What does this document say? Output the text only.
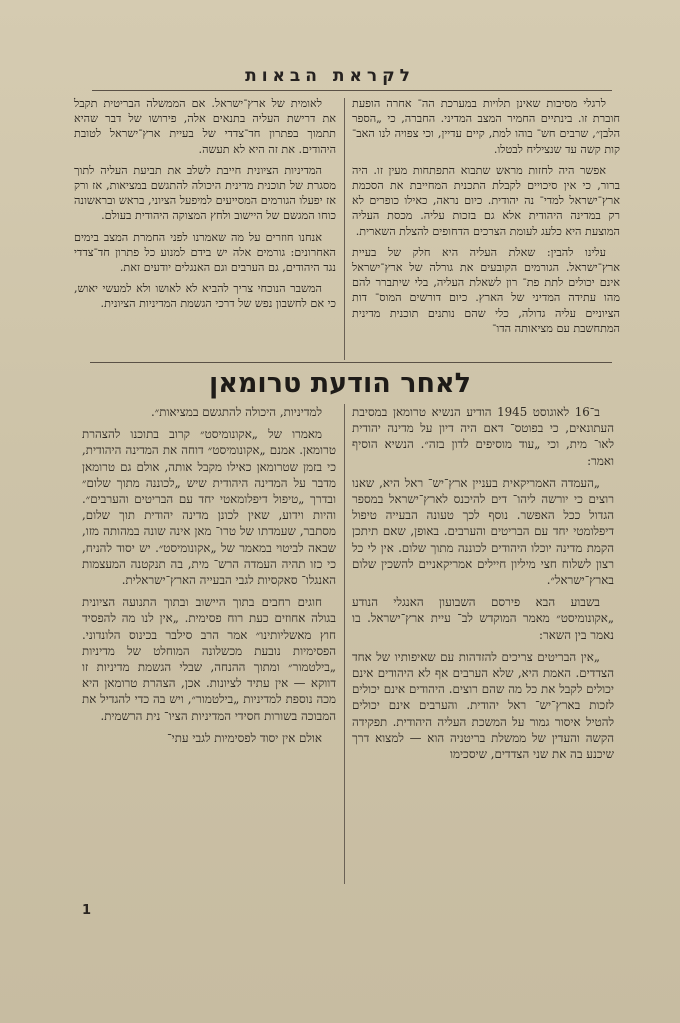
לקראת הבאות

לרגלי מסיבות שאינן תלויות במערכת הה־ אחרה הופעת חוברת זו. בינתיים החמיר המצב המדיני. החברה, כי „הספר הלבן״, שרבים חש־ בוהו למת, קיים עדיין, וכי צפויה לנו האב־ קות קשה עד שנציליח לבטלו.

אפשר היה לחזות מראש שתבוא התפתחות מעין זו. היה ברור, כי אין סיכויים לקבלת התכנית המחייבת את הסכמת ארץ־ישראל למדי־ נה יהודית. כיום נראה, כאילו כופרים לא רק במדינה היהודית אלא גם בזכות עליה. מכסת העליה המוצעת היא כלעג לעומת הצרכים הדחופים להצלת השארית.

עלינו להבין: שאלת העליה היא חלק של בעיית ארץ־ישראל. הגורמים הקובעים את גורלה של ארץ־ישראל אינם יכולים לתת פת־ רון לשאלת העליה, בלי שיתברר להם מהו עתידה המדיני של הארץ. כיום דורשים המוס־ דות הציוניים עליה גדולה, כלי שהם נותנים תוכנית מדינית המתחשבת עם מציאותה הדו־

לאומית של ארץ־ישראל. אם הממשלה הבריטית תקבל את דרישת העליה בתנאים אלה, פירושו של דבר שהיא תתמוך בפתרון חד־צדדי של בעיית ארץ־ישראל לטובת היהודים. את זה היא לא תעשה.

המדיניות הציונית חייבת לשלב את תביעת העליה לתוך מסגרת של תוכנית מדינית היכולה להתגשם במציאות, אז ורק אז יפעלו הגורמים המסייעים למיפעל הציוני, בראש ובראשונה כוחו המגשם של היישוב ולחץ המצוקה היהודית בעולם.

אנחנו חוזרים על מה שאמרנו לפני החמרת המצב בימים האחרונים: גורמים אלה יש בידם למנוע כל פתרון חד־צדדי נגד היהודים, גם הערבים וגם האנגלים יודעים זאת.

המשבר הנוכחי צריך להביא לא לאושו ולא למעשי יאוש, כי אם לחשבון נפש של דרכי הגשמת המדיניות הציונית.

לאחר הודעת טרומאן

ב־16 לאוגוסט 1945 הודיע הנשיא טרומאן במסיבת העתונאים, כי בפוטס־ דאם היה דיון על מדינה יהודית לאו־ מית, וכי „עוד מוסיפים לדון בזה״. הנשיא הוסיף ואמר:

„העמדה האמריקאית בעניין ארץ־יש־ ראל היא, שאנו רוצים כי יורשה ליהו־ דים להיכנס לארץ־ישראל במספר הגדול ככל האפשר. נוסף לכך טעונה הבעייה טיפול דיפלומטי יחד עם הבריטים והערבים. באופן, שאם תיתכן הקמת מדינה יוכלו היהודים לכוננה מתוך שלום. אין לי כל רצון לשלוח חצי מיליון חיילים אמריקאניים להשכין שלום בארץ־ישראל״.

בשבוע הבא פירסם השבועון האנגלי הנודע „אקונומיסט״ מאמר המוקדש לב־ עיית ארץ־ישראל. בו נאמר בין השאר:

„אין הבריטים צריכים להזדהות עם שאיפותיו של אחד הצדדים. האמת היא, שלא הערבים אף לא היהודים אינם יכולים לקבל את כל מה שהם רוצים. היהודים אינם יכולים לזכות בארץ־יש־ ראל יהודית. והערבים אינם יכולים להטיל איסור גמור על המשכת העליה היהודית. תפקידה הקשה והעדין של ממשלת בריטניה הוא — למצוא דרך שיכנע בה את שני הצדדים, שיסכימו

למדיניות, היכולה להתגשם במציאות״.

מאמרו של „אקונומיסט״ קרוב בתוכנו להצהרת טרומאן. אמנם „אקונומיסט״ דוחה את המדינה היהודית, כי בזמן שטרומאן כאילו מקבל אותה, אולם גם טרומאן מדבר על המדינה היהודית שיש „לכוננה מתוך שלום״ ובדרך „טיפול דיפלומאטי יחד עם הבריטים והערבים״. והיות וידוע, שאין לכונן מדינה יהודית תוך שלום, מסתבר, שעמדתו של טרו־ מאן אינה שונה במהותה מזו, שבאה לביטוי במאמר של „אקונומיסט״. יש יסוד להניח, כי כזו תהיה העמדה הרש־ מית, בה תנקטנה המעצמות האנגלו־ סאקסיות לגבי הבעייה הארץ־ישראלית.

חוגים רחבים בתוך היישוב ובתוך התנועה הציונית בגולה אחוזים כעת רוח פסימית. „אין לנו מה להפסיד חוץ מאשליותינו״ אמר הרב סילבר בכינוס הלונדוני. הפסימיות נובעת מכשלונה המוחלט של מדיניות „בילטמור״ ומתוך ההנחה, שבלי הגשמת מדיניות זו דווקא — אין עתיד לציונות. אכן, הצהרת טרומאן היא מכה נוספת למדיניות „בילטמור״, ויש בה כדי להגדיל את המבוכה בשורות חסידי המדיניות הציו־ נית הרשמית.

אולם אין יסוד לפסימיות לגבי עתי־

1
